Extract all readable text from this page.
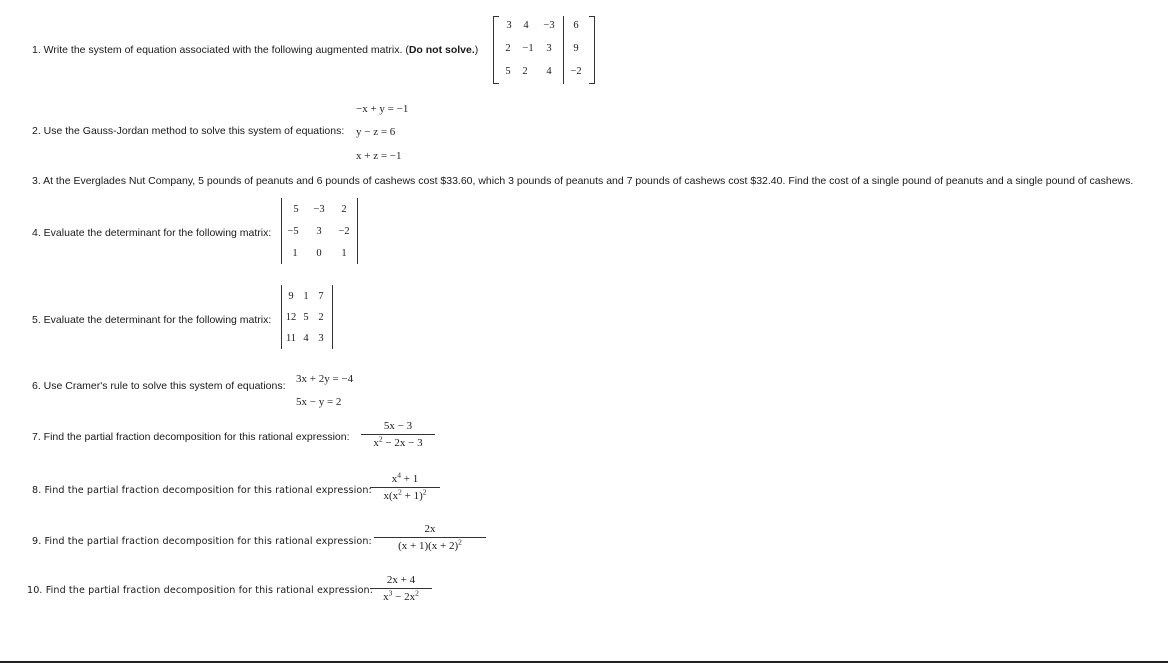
1. Write the system of equation associated with the following augmented matrix. (Do not solve.)
3	4	−3	6
2	−1	3	9
5	2	4	−2
−x + y = −1
2. Use the Gauss-Jordan method to solve this system of equations: y − z = 6
x + z = −1
3. At the Everglades Nut Company, 5 pounds of peanuts and 6 pounds of cashews cost $33.60, which 3 pounds of peanuts and 7 pounds of cashews cost $32.40. Find the cost of a single pound of peanuts and a single pound of cashews.
4. Evaluate the determinant for the following matrix:
5	−3	2
−5	3	−2
1	0	1
5. Evaluate the determinant for the following matrix:
9 1 7
12 5 2
11 4 3
3x + 2y = −4
6. Use Cramer's rule to solve this system of equations:
5x − y = 2
7. Find the partial fraction decomposition for this rational expression:
5x − 3
$x^2 - 2x - 3$
8. Find the partial fraction decomposition for this rational expression:
$x^4 + 1$
$x(x^2 + 1)^2$
9. Find the partial fraction decomposition for this rational expression:
2x
$(x + 1)(x + 2)^2$
10. Find the partial fraction decomposition for this rational expression:
2x + 4
$x^3 - 2x^2$
